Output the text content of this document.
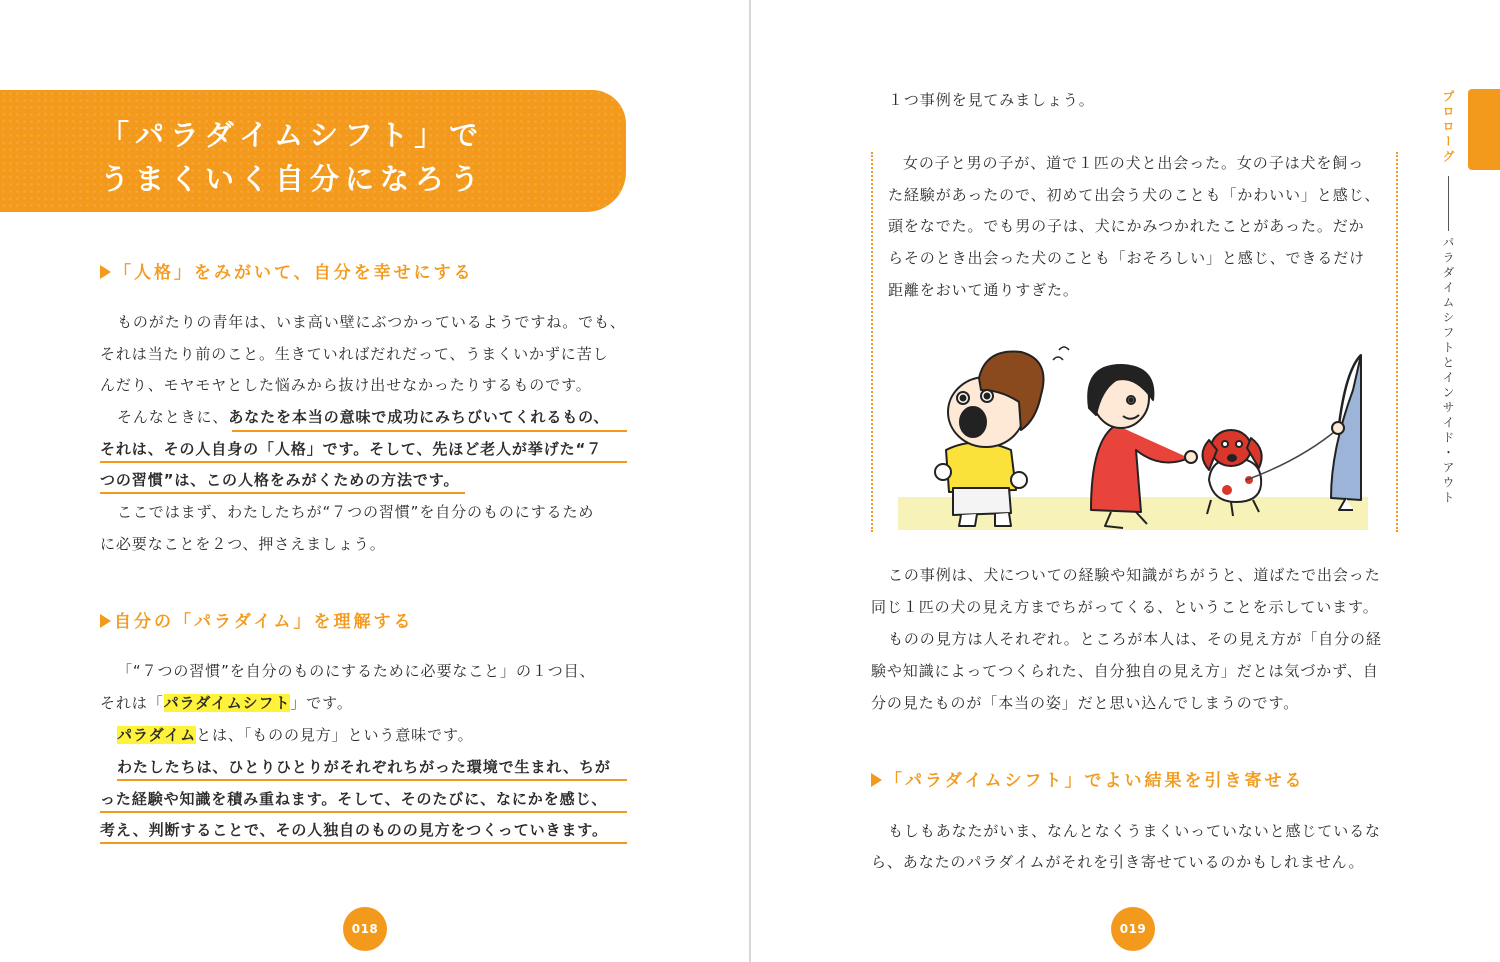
「パラダイムシフト」で
うまくいく自分になろう
「人格」をみがいて、自分を幸せにする
ものがたりの青年は、いま高い壁にぶつかっているようですね。でも、
それは当たり前のこと。生きていればだれだって、うまくいかずに苦し
んだり、モヤモヤとした悩みから抜け出せなかったりするものです。
そんなときに、あなたを本当の意味で成功にみちびいてくれるもの、
それは、その人自身の「人格」です。そして、先ほど老人が挙げた“７
つの習慣”は、この人格をみがくための方法です。
ここではまず、わたしたちが“７つの習慣”を自分のものにするため
に必要なことを２つ、押さえましょう。
自分の「パラダイム」を理解する
「“７つの習慣”を自分のものにするために必要なこと」の１つ目、
それは「パラダイムシフト」です。
パラダイムとは、「ものの見方」という意味です。
わたしたちは、ひとりひとりがそれぞれちがった環境で生まれ、ちが
った経験や知識を積み重ねます。そして、そのたびに、なにかを感じ、
考え、判断することで、その人独自のものの見方をつくっていきます。
018
１つ事例を見てみましょう。
女の子と男の子が、道で１匹の犬と出会った。女の子は犬を飼っ
た経験があったので、初めて出会う犬のことも「かわいい」と感じ、
頭をなでた。でも男の子は、犬にかみつかれたことがあった。だか
らそのとき出会った犬のことも「おそろしい」と感じ、できるだけ
距離をおいて通りすぎた。
この事例は、犬についての経験や知識がちがうと、道ばたで出会った
同じ１匹の犬の見え方までちがってくる、ということを示しています。
ものの見方は人それぞれ。ところが本人は、その見え方が「自分の経
験や知識によってつくられた、自分独自の見え方」だとは気づかず、自
分の見たものが「本当の姿」だと思い込んでしまうのです。
「パラダイムシフト」でよい結果を引き寄せる
もしもあなたがいま、なんとなくうまくいっていないと感じているな
ら、あなたのパラダイムがそれを引き寄せているのかもしれません。
プロローグ
パラダイムシフトとインサイド・アウト
019
